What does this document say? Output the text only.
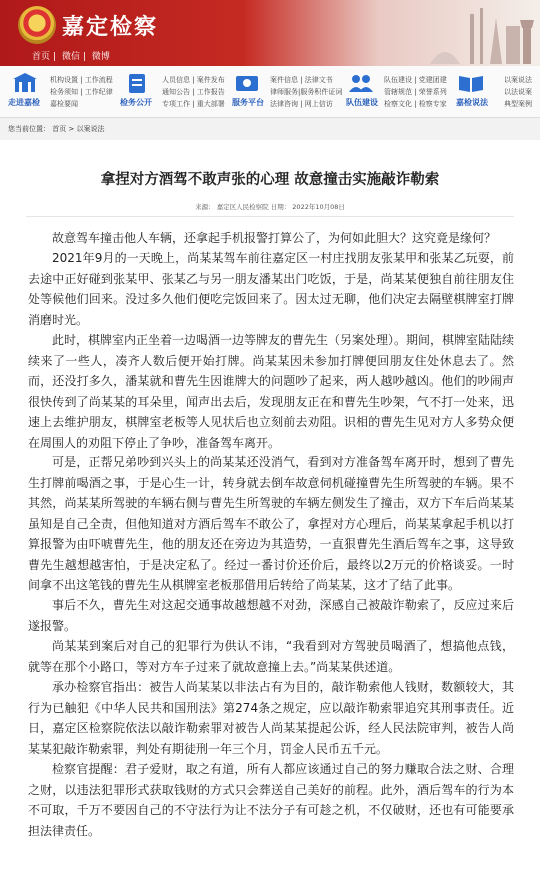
嘉定检察
首页 | 微信 | 微博
走进嘉检
机构设置 | 工作流程
检务须知 | 工作纪律
嘉检要闻	检务公开
人员信息 | 案件发布
通知公告 | 工作报告
专项工作 | 重大部署 服务平台
案件信息 | 法律文书
律师服务|服务积件证词
法律咨询 | 网上信访	队伍建设
队伍建设 | 党建团建
管辖规范 | 荣誉系列
检察文化 | 检察专家 嘉检说法
以案说法
以法说案
典型案例
您当前位置： 首页 > 以案说法
拿捏对方酒驾不敢声张的心理 故意撞击实施敲诈勒索
来源： 嘉定区人民检察院 日期： 2022年10月08日

故意驾车撞击他人车辆，还拿起手机报警打算公了，为何如此胆大？这究竟是缘何？

2021年9月的一天晚上，尚某某驾车前往嘉定区一村庄找朋友张某甲和张某乙玩耍，前去途中正好碰到张某甲、张某乙与另一朋友潘某出门吃饭，于是，尚某某便独自前往朋友住处等候他们回来。没过多久他们便吃完饭回来了。因太过无聊，他们决定去隔壁棋牌室打牌消磨时光。

此时，棋牌室内正坐着一边喝酒一边等牌友的曹先生（另案处理）。期间，棋牌室陆陆续续来了一些人，凑齐人数后便开始打牌。尚某某因未参加打牌便回朋友住处休息去了。然而，还没打多久，潘某就和曹先生因谁牌大的问题吵了起来，两人越吵越凶。他们的吵闹声很快传到了尚某某的耳朵里，闻声出去后，发现朋友正在和曹先生吵架，气不打一处来，迅速上去维护朋友，棋牌室老板等人见状后也立刻前去劝阻。识相的曹先生见对方人多势众便在周围人的劝阻下停止了争吵，准备驾车离开。

可是，正帮兄弟吵到兴头上的尚某某还没消气，看到对方准备驾车离开时，想到了曹先生打牌前喝酒之事，于是心生一计，转身就去倒车故意伺机碰撞曹先生所驾驶的车辆。果不其然，尚某某所驾驶的车辆右侧与曹先生所驾驶的车辆左侧发生了撞击，双方下车后尚某某虽知是自己全责，但他知道对方酒后驾车不敢公了，拿捏对方心理后，尚某某拿起手机以打算报警为由吓唬曹先生，他的朋友还在旁边为其造势，一直狠曹先生酒后驾车之事，这导致曹先生越想越害怕，于是决定私了。经过一番讨价还价后，最终以2万元的价格谈妥。一时间拿不出这笔钱的曹先生从棋牌室老板那借用后转给了尚某某，这才了结了此事。

事后不久，曹先生对这起交通事故越想越不对劲，深感自己被敲诈勒索了，反应过来后遂报警。

尚某某到案后对自己的犯罪行为供认不讳，“我看到对方驾驶员喝酒了，想搞他点钱，就等在那个小路口，等对方车子过来了就故意撞上去。”尚某某供述道。

承办检察官指出：被告人尚某某以非法占有为目的，敲诈勒索他人钱财，数额较大，其行为已触犯《中华人民共和国刑法》第274条之规定，应以敲诈勒索罪追究其刑事责任。近日，嘉定区检察院依法以敲诈勒索罪对被告人尚某某提起公诉，经人民法院审判，被告人尚某某犯敲诈勒索罪，判处有期徒刑一年三个月，罚金人民币五千元。

检察官提醒：君子爱财，取之有道，所有人都应该通过自己的努力赚取合法之财、合理之财，以违法犯罪形式获取钱财的方式只会葬送自己美好的前程。此外，酒后驾车的行为本不可取，千万不要因自己的不守法行为让不法分子有可趁之机，不仅破财，还也有可能要承担法律责任。
